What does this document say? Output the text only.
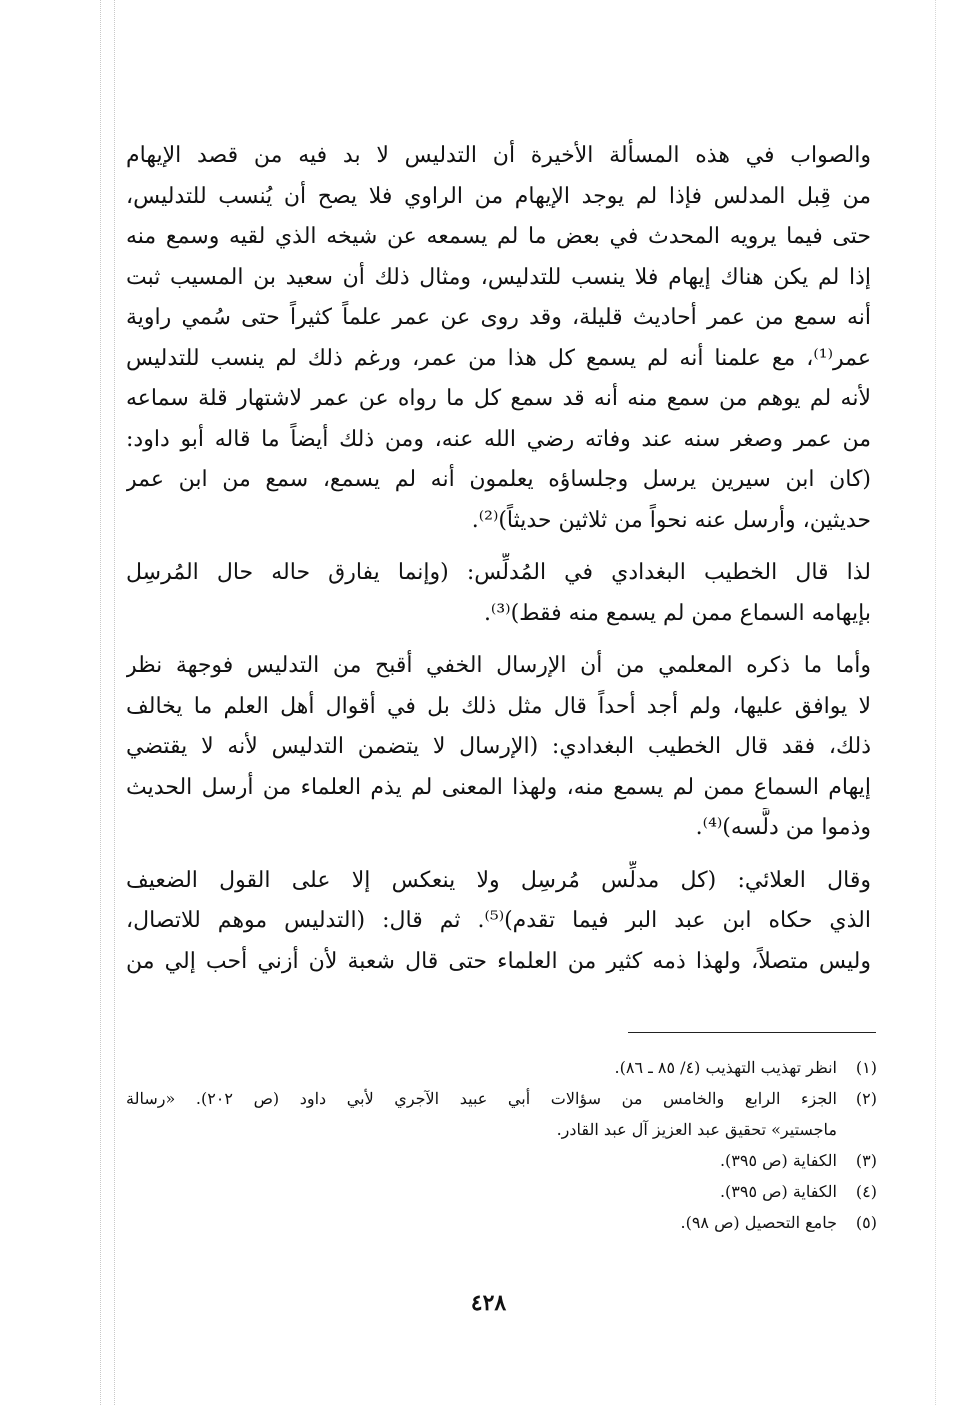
والصواب في هذه المسألة الأخيرة أن التدليس لا بد فيه من قصد الإيهام
من قِبل المدلس فإذا لم يوجد الإيهام من الراوي فلا يصح أن يُنسب للتدليس،
حتى فيما يرويه المحدث في بعض ما لم يسمعه عن شيخه الذي لقيه وسمع منه
إذا لم يكن هناك إيهام فلا ينسب للتدليس، ومثال ذلك أن سعيد بن المسيب ثبت
أنه سمع من عمر أحاديث قليلة، وقد روى عن عمر علماً كثيراً حتى سُمي راوية
عمر⁽¹⁾، مع علمنا أنه لم يسمع كل هذا من عمر، ورغم ذلك لم ينسب للتدليس
لأنه لم يوهم من سمع منه أنه قد سمع كل ما رواه عن عمر لاشتهار قلة سماعه
من عمر وصغر سنه عند وفاته رضي الله عنه، ومن ذلك أيضاً ما قاله أبو داود:
(كان ابن سيرين يرسل وجلساؤه يعلمون أنه لم يسمع، سمع من ابن عمر
حديثين، وأرسل عنه نحواً من ثلاثين حديثاً)⁽²⁾.
لذا قال الخطيب البغدادي في المُدلِّس: (وإنما يفارق حاله حال المُرسِل
بإيهامه السماع ممن لم يسمع منه فقط)⁽³⁾.
وأما ما ذكره المعلمي من أن الإرسال الخفي أقبح من التدليس فوجهة نظر
لا يوافق عليها، ولم أجد أحداً قال مثل ذلك بل في أقوال أهل العلم ما يخالف
ذلك، فقد قال الخطيب البغدادي: (الإرسال لا يتضمن التدليس لأنه لا يقتضي
إيهام السماع ممن لم يسمع منه، ولهذا المعنى لم يذم العلماء من أرسل الحديث
وذموا من دلَّسه)⁽⁴⁾.
وقال العلائي: (كل مدلِّس مُرسِل ولا ينعكس إلا على القول الضعيف
الذي حكاه ابن عبد البر فيما تقدم)⁽⁵⁾. ثم قال: (التدليس موهم للاتصال،
وليس متصلاً، ولهذا ذمه كثير من العلماء حتى قال شعبة لأن أزني أحب إلي من
(١)
انظر تهذيب التهذيب (٤/ ٨٥ ـ ٨٦).
(٢)
الجزء الرابع والخامس من سؤالات أبي عبيد الآجري لأبي داود (ص ٢٠٢). «رسالة
ماجستير» تحقيق عبد العزيز آل عبد القادر.
(٣)
الكفاية (ص ٣٩٥).
(٤)
الكفاية (ص ٣٩٥).
(٥)
جامع التحصيل (ص ٩٨).
٤٢٨
